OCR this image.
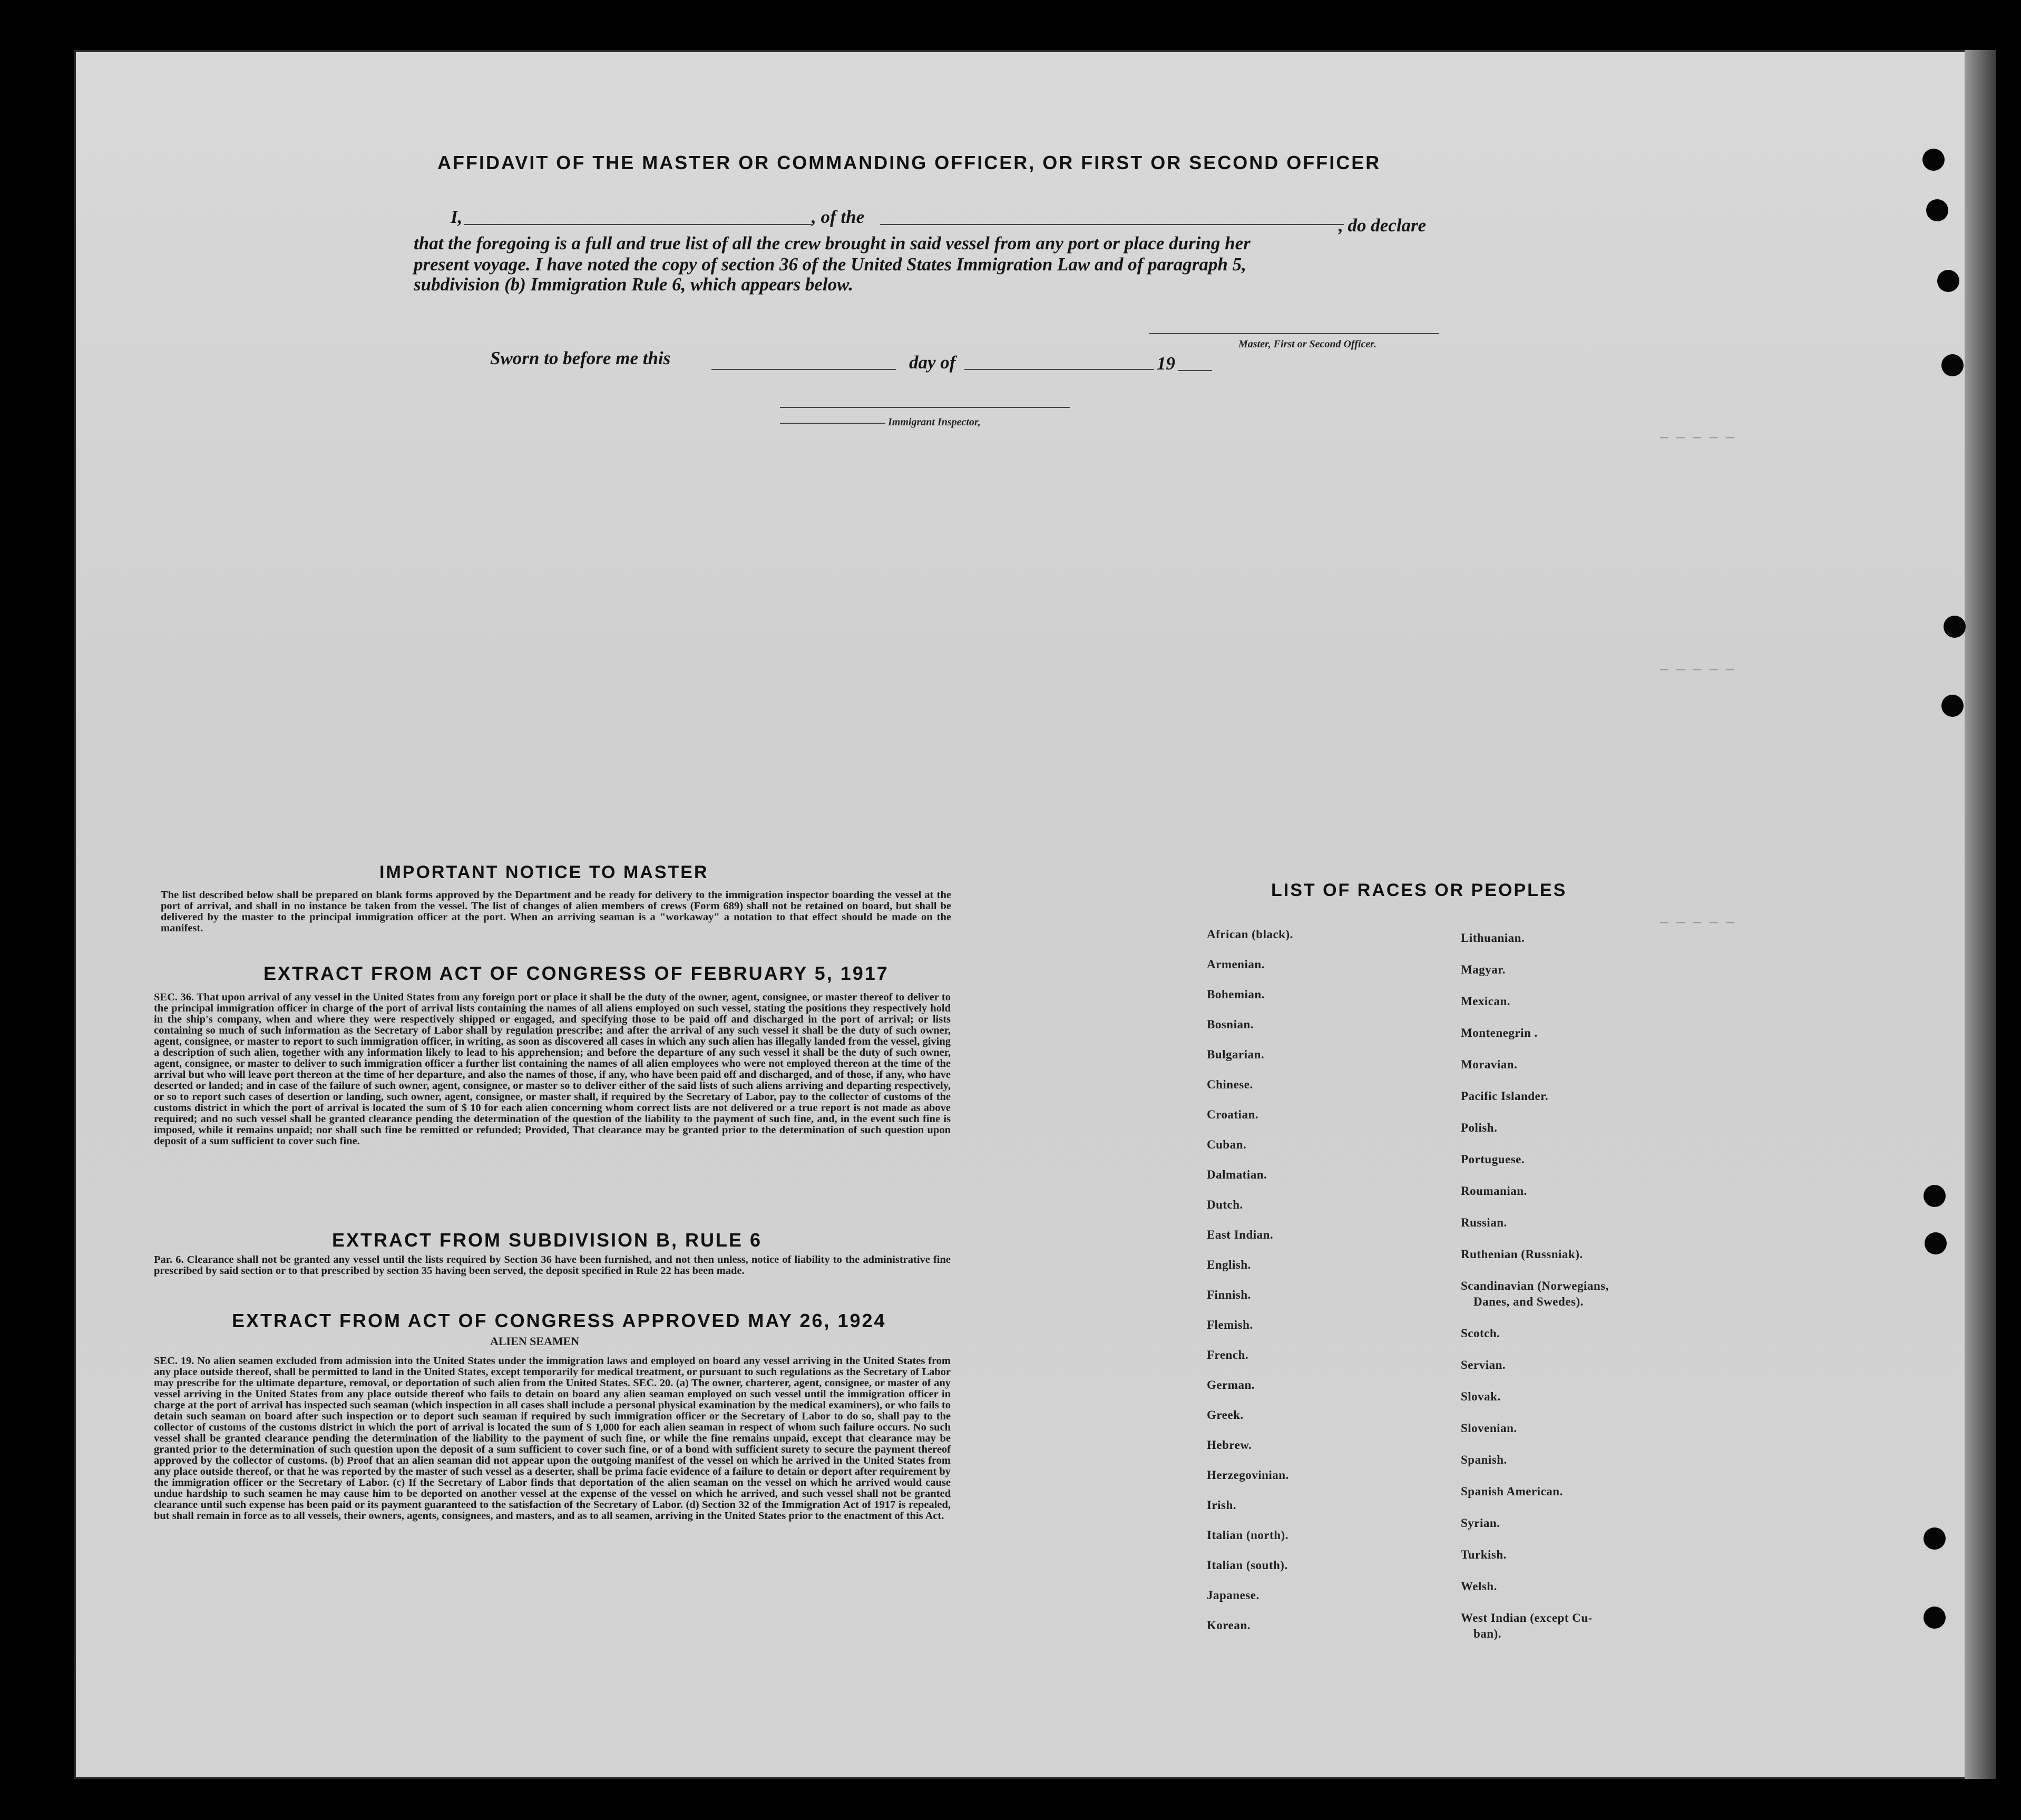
AFFIDAVIT OF THE MASTER OR COMMANDING OFFICER, OR FIRST OR SECOND OFFICER
I,	, of the	, do declare
that the foregoing is a full and true list of all the crew brought in said vessel from any port or place during her
present voyage. I have noted the copy of section 36 of the United States Immigration Law and of paragraph 5,
subdivision (b) Immigration Rule 6, which appears below.
Master, First or Second Officer.
Sworn to before me this	day of	19
Immigrant Inspector,
— — — — —
— — — — —
— — — — —
IMPORTANT NOTICE TO MASTER
The list described below shall be prepared on blank forms approved by the Department and be ready for delivery to the immigration inspector boarding the vessel at the port of arrival, and shall in no instance be taken from the vessel. The list of changes of alien members of crews (Form 689) shall not be retained on board, but shall be delivered by the master to the principal immigration officer at the port. When an arriving seaman is a "workaway" a notation to that effect should be made on the manifest.
EXTRACT FROM ACT OF CONGRESS OF FEBRUARY 5, 1917
SEC. 36. That upon arrival of any vessel in the United States from any foreign port or place it shall be the duty of the owner, agent, consignee, or master thereof to deliver to the principal immigration officer in charge of the port of arrival lists containing the names of all aliens employed on such vessel, stating the positions they respectively hold in the ship's company, when and where they were respectively shipped or engaged, and specifying those to be paid off and discharged in the port of arrival; or lists containing so much of such information as the Secretary of Labor shall by regulation prescribe; and after the arrival of any such vessel it shall be the duty of such owner, agent, consignee, or master to report to such immigration officer, in writing, as soon as discovered all cases in which any such alien has illegally landed from the vessel, giving a description of such alien, together with any information likely to lead to his apprehension; and before the departure of any such vessel it shall be the duty of such owner, agent, consignee, or master to deliver to such immigration officer a further list containing the names of all alien employees who were not employed thereon at the time of the arrival but who will leave port thereon at the time of her departure, and also the names of those, if any, who have been paid off and discharged, and of those, if any, who have deserted or landed; and in case of the failure of such owner, agent, consignee, or master so to deliver either of the said lists of such aliens arriving and departing respectively, or so to report such cases of desertion or landing, such owner, agent, consignee, or master shall, if required by the Secretary of Labor, pay to the collector of customs of the customs district in which the port of arrival is located the sum of $ 10 for each alien concerning whom correct lists are not delivered or a true report is not made as above required; and no such vessel shall be granted clearance pending the determination of the question of the liability to the payment of such fine, and, in the event such fine is imposed, while it remains unpaid; nor shall such fine be remitted or refunded; Provided, That clearance may be granted prior to the determination of such question upon deposit of a sum sufficient to cover such fine.
EXTRACT FROM SUBDIVISION B, RULE 6
Par. 6. Clearance shall not be granted any vessel until the lists required by Section 36 have been furnished, and not then unless, notice of liability to the administrative fine prescribed by said section or to that prescribed by section 35 having been served, the deposit specified in Rule 22 has been made.
EXTRACT FROM ACT OF CONGRESS APPROVED MAY 26, 1924
ALIEN SEAMEN
SEC. 19. No alien seamen excluded from admission into the United States under the immigration laws and employed on board any vessel arriving in the United States from any place outside thereof, shall be permitted to land in the United States, except temporarily for medical treatment, or pursuant to such regulations as the Secretary of Labor may prescribe for the ultimate departure, removal, or deportation of such alien from the United States. SEC. 20. (a) The owner, charterer, agent, consignee, or master of any vessel arriving in the United States from any place outside thereof who fails to detain on board any alien seaman employed on such vessel until the immigration officer in charge at the port of arrival has inspected such seaman (which inspection in all cases shall include a personal physical examination by the medical examiners), or who fails to detain such seaman on board after such inspection or to deport such seaman if required by such immigration officer or the Secretary of Labor to do so, shall pay to the collector of customs of the customs district in which the port of arrival is located the sum of $ 1,000 for each alien seaman in respect of whom such failure occurs. No such vessel shall be granted clearance pending the determination of the liability to the payment of such fine, or while the fine remains unpaid, except that clearance may be granted prior to the determination of such question upon the deposit of a sum sufficient to cover such fine, or of a bond with sufficient surety to secure the payment thereof approved by the collector of customs. (b) Proof that an alien seaman did not appear upon the outgoing manifest of the vessel on which he arrived in the United States from any place outside thereof, or that he was reported by the master of such vessel as a deserter, shall be prima facie evidence of a failure to detain or deport after requirement by the immigration officer or the Secretary of Labor. (c) If the Secretary of Labor finds that deportation of the alien seaman on the vessel on which he arrived would cause undue hardship to such seamen he may cause him to be deported on another vessel at the expense of the vessel on which he arrived, and such vessel shall not be granted clearance until such expense has been paid or its payment guaranteed to the satisfaction of the Secretary of Labor. (d) Section 32 of the Immigration Act of 1917 is repealed, but shall remain in force as to all vessels, their owners, agents, consignees, and masters, and as to all seamen, arriving in the United States prior to the enactment of this Act.
LIST OF RACES OR PEOPLES
African (black).
Armenian.
Bohemian.
Bosnian.
Bulgarian.
Chinese.
Croatian.
Cuban.
Dalmatian.
Dutch.
East Indian.
English.
Finnish.
Flemish.
French.
German.
Greek.
Hebrew.
Herzegovinian.
Irish.
Italian (north).
Italian (south).
Japanese.
Korean.
Lithuanian.
Magyar.
Mexican.
Montenegrin .
Moravian.
Pacific Islander.
Polish.
Portuguese.
Roumanian.
Russian.
Ruthenian (Russniak).
Scandinavian (Norwegians,
Danes, and Swedes).
Scotch.
Servian.
Slovak.
Slovenian.
Spanish.
Spanish American.
Syrian.
Turkish.
Welsh.
West Indian (except Cu-
ban).
